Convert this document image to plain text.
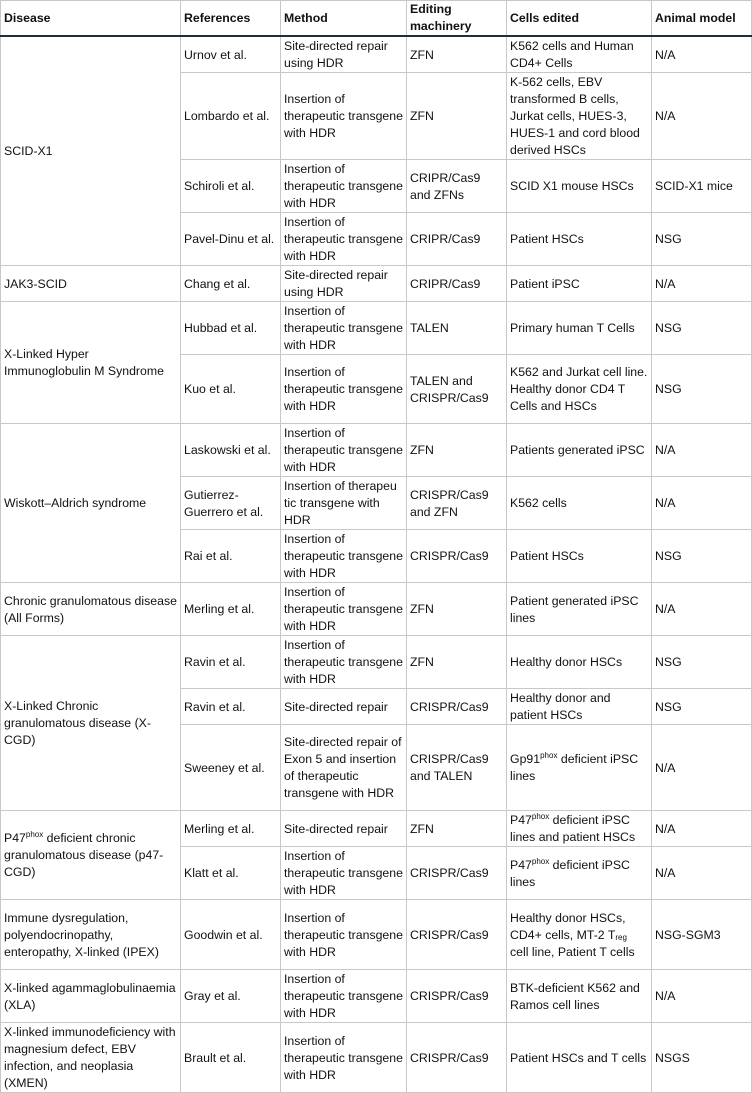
Disease	References	Method	Editing machinery	Cells edited	Animal model
SCID-X1	Urnov et al.	Site-directed repair using HDR	ZFN	K562 cells and Human CD4+ Cells	N/A
	Lombardo et al.	Insertion of therapeutic transgene with HDR	ZFN	K-562 cells, EBV transformed B cells, Jurkat cells, HUES-3, HUES-1 and cord blood derived HSCs	N/A
	Schiroli et al.	Insertion of therapeutic transgene with HDR	CRIPR/Cas9 and ZFNs	SCID X1 mouse HSCs	SCID-X1 mice
	Pavel-Dinu et al.	Insertion of therapeutic transgene with HDR	CRIPR/Cas9	Patient HSCs	NSG
JAK3-SCID	Chang et al.	Site-directed repair using HDR	CRIPR/Cas9	Patient iPSC	N/A
X-Linked Hyper Immunoglobulin M Syndrome	Hubbad et al.	Insertion of therapeutic transgene with HDR	TALEN	Primary human T Cells	NSG
	Kuo et al.	Insertion of therapeutic transgene with HDR	TALEN and CRISPR/Cas9	K562 and Jurkat cell line. Healthy donor CD4 T Cells and HSCs	NSG
Wiskott–Aldrich syndrome	Laskowski et al.	Insertion of therapeutic transgene with HDR	ZFN	Patients generated iPSC	N/A
	Gutierrez-Guerrero et al.	Insertion of therapeu tic transgene with HDR	CRISPR/Cas9 and ZFN	K562 cells	N/A
	Rai et al.	Insertion of therapeutic transgene with HDR	CRISPR/Cas9	Patient HSCs	NSG
Chronic granulomatous disease (All Forms)	Merling et al.	Insertion of therapeutic transgene with HDR	ZFN	Patient generated iPSC lines	N/A
X-Linked Chronic granulomatous disease (X-CGD)	Ravin et al.	Insertion of therapeutic transgene with HDR	ZFN	Healthy donor HSCs	NSG
	Ravin et al.	Site-directed repair	CRISPR/Cas9	Healthy donor and patient HSCs	NSG
	Sweeney et al.	Site-directed repair of Exon 5 and insertion of therapeutic transgene with HDR	CRISPR/Cas9 and TALEN	$Gp91^{phox}$ deficient iPSC lines	N/A
$P47^{phox}$ deficient chronic granulomatous disease (p47-CGD)	Merling et al.	Site-directed repair	ZFN	$P47^{phox}$ deficient iPSC lines and patient HSCs	N/A
	Klatt et al.	Insertion of therapeutic transgene with HDR	CRISPR/Cas9	$P47^{phox}$ deficient iPSC lines	N/A
Immune dysregulation, polyendocrinopathy, enteropathy, X-linked (IPEX)	Goodwin et al.	Insertion of therapeutic transgene with HDR	CRISPR/Cas9	Healthy donor HSCs, CD4+ cells, MT-2 $T_{reg}$ cell line, Patient T cells	NSG-SGM3
X-linked agammaglobulinaemia (XLA)	Gray et al.	Insertion of therapeutic transgene with HDR	CRISPR/Cas9	BTK-deficient K562 and Ramos cell lines	N/A
X-linked immunodeficiency with magnesium defect, EBV infection, and neoplasia (XMEN)	Brault et al.	Insertion of therapeutic transgene with HDR	CRISPR/Cas9	Patient HSCs and T cells	NSGS
